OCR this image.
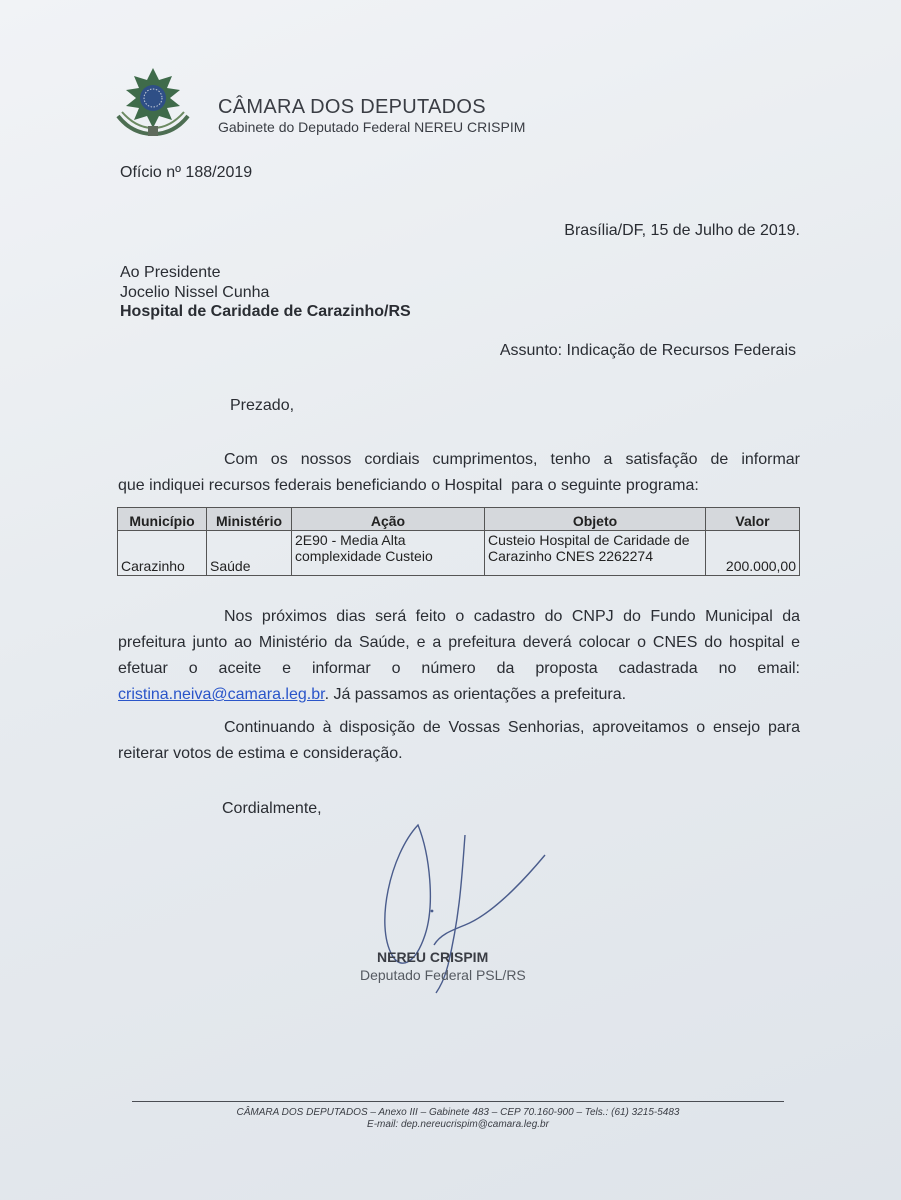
CÂMARA DOS DEPUTADOS
Gabinete do Deputado Federal NEREU CRISPIM
Ofício nº 188/2019
Brasília/DF, 15 de Julho de 2019.
Ao Presidente
Jocelio Nissel Cunha
Hospital de Caridade de Carazinho/RS
Assunto: Indicação de Recursos Federais
Prezado,
Com os nossos cordiais cumprimentos, tenho a satisfação de informar
que indiquei recursos federais beneficiando o Hospital  para o seguinte programa:
Município	Ministério	Ação	Objeto	Valor
Carazinho	Saúde	2E90 - Media Alta complexidade Custeio	Custeio Hospital de Caridade de Carazinho CNES 2262274	200.000,00

Nos próximos dias será feito o cadastro do CNPJ do Fundo Municipal da prefeitura junto ao Ministério da Saúde, e a prefeitura deverá colocar o CNES do hospital e efetuar o aceite e informar o número da proposta cadastrada no email: cristina.neiva@camara.leg.br. Já passamos as orientações a prefeitura.

Continuando à disposição de Vossas Senhorias, aproveitamos o ensejo para reiterar votos de estima e consideração.

Cordialmente,
NEREU CRISPIM
Deputado Federal PSL/RS
CÂMARA DOS DEPUTADOS – Anexo III – Gabinete 483 – CEP 70.160-900 – Tels.: (61) 3215-5483
E-mail: dep.nereucrispim@camara.leg.br
